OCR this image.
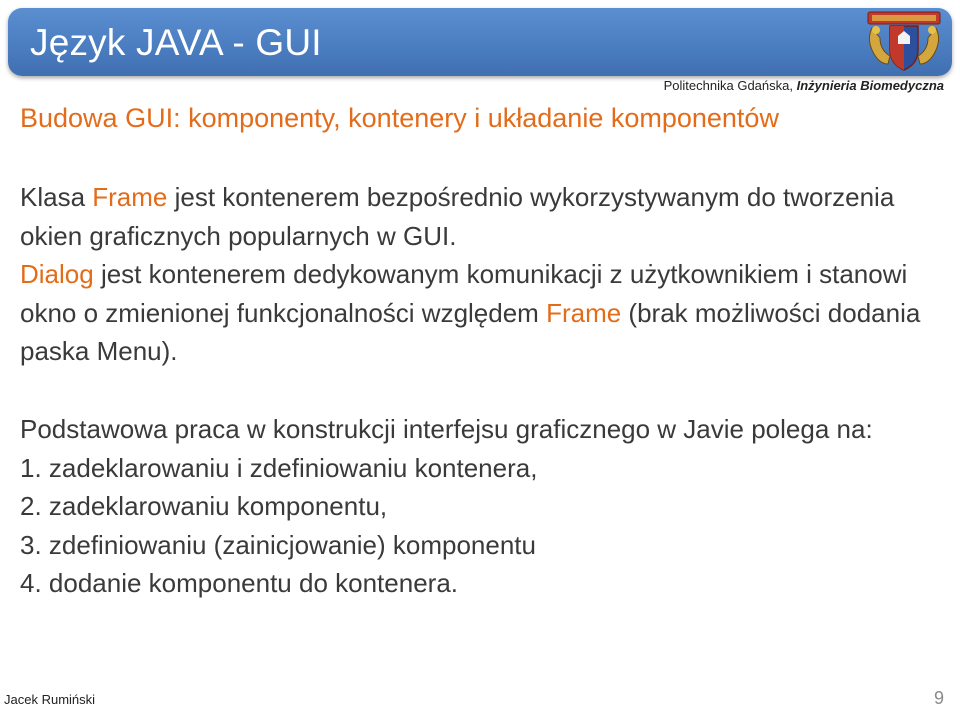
Język JAVA - GUI
Politechnika Gdańska, Inżynieria Biomedyczna
Budowa GUI: komponenty, kontenery i układanie komponentów
Klasa Frame jest kontenerem bezpośrednio wykorzystywanym do tworzenia okien graficznych popularnych w GUI.
Dialog jest kontenerem dedykowanym komunikacji z użytkownikiem i stanowi okno o zmienionej funkcjonalności względem Frame (brak możliwości dodania paska Menu).

Podstawowa praca w konstrukcji interfejsu graficznego w Javie polega na:

1. zadeklarowaniu i zdefiniowaniu kontenera,

2. zadeklarowaniu komponentu,

3. zdefiniowaniu (zainicjowanie) komponentu

4. dodanie komponentu do kontenera.

Jacek Rumiński	9
